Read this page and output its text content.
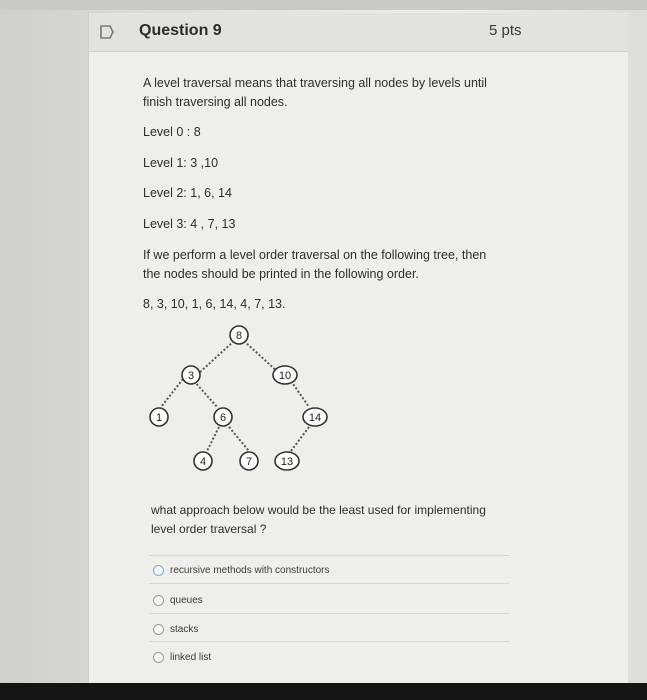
Question 9	5 pts
A level traversal means that traversing all nodes by levels until
finish traversing all nodes.
Level 0 : 8
Level 1: 3 ,10
Level 2: 1, 6, 14
Level 3: 4 , 7, 13
If we perform a level order traversal on the following tree, then
the nodes should be printed in the following order.
8, 3, 10, 1, 6, 14, 4, 7, 13.
8
3	10
1	6	14
4	7	13
what approach below would be the least used for implementing
level order traversal ?
recursive methods with constructors
queues
stacks
linked list
